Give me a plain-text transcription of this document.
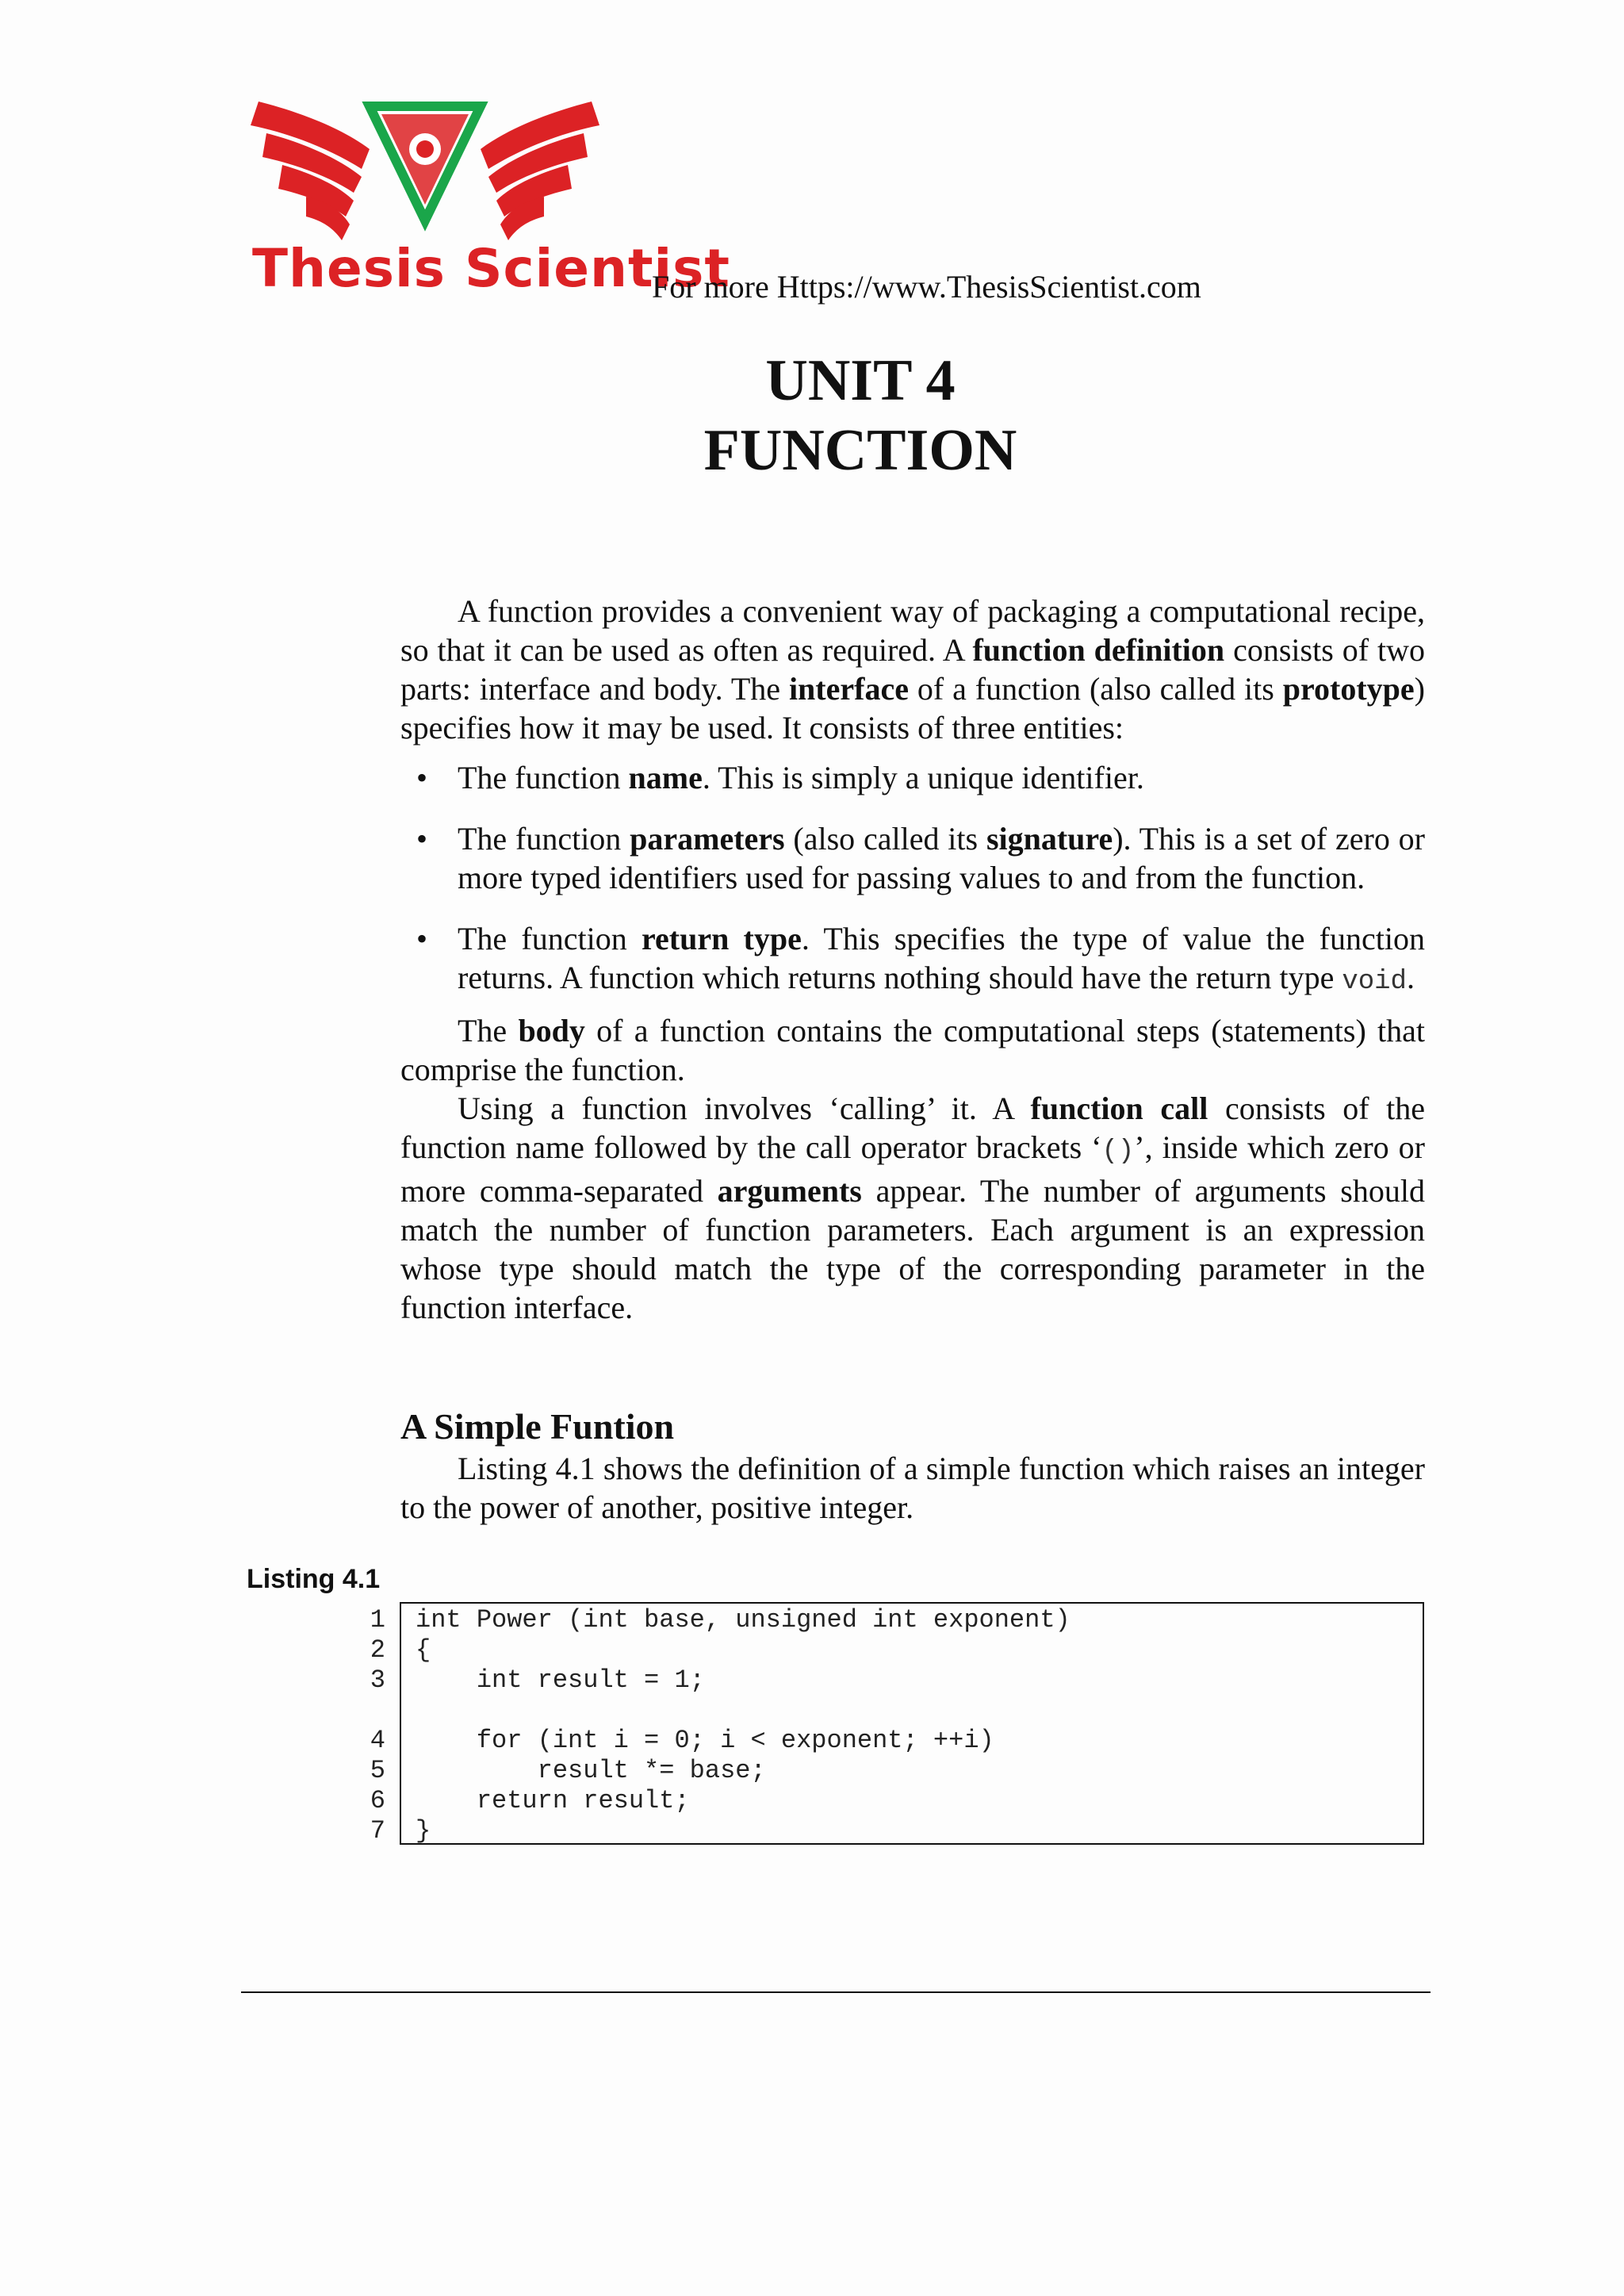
Thesis Scientist
For more Https://www.ThesisScientist.com
UNIT 4
FUNCTION

A function provides a convenient way of packaging a computational recipe, so that it can be used as often as required. A function definition consists of two parts: interface and body. The interface of a function (also called its prototype) specifies how it may be used. It consists of three entities:

• The function name. This is simply a unique identifier.
• The function parameters (also called its signature). This is a set of zero or more typed identifiers used for passing values to and from the function.
• The function return type. This specifies the type of value the function returns. A function which returns nothing should have the return type void.

The body of a function contains the computational steps (statements) that comprise the function.

Using a function involves ‘calling’ it. A function call consists of the function name followed by the call operator brackets ‘()’, inside which zero or more comma-separated arguments appear. The number of arguments should match the number of function parameters. Each argument is an expression whose type should match the type of the corresponding parameter in the function interface.

A Simple Funtion

Listing 4.1 shows the definition of a simple function which raises an integer to the power of another, positive integer.

Listing 4.1
1 int Power (int base, unsigned int exponent)
2 {
3 int result = 1;
4 for (int i = 0; i < exponent; ++i)
5 result *= base;
6 return result;
7 }
